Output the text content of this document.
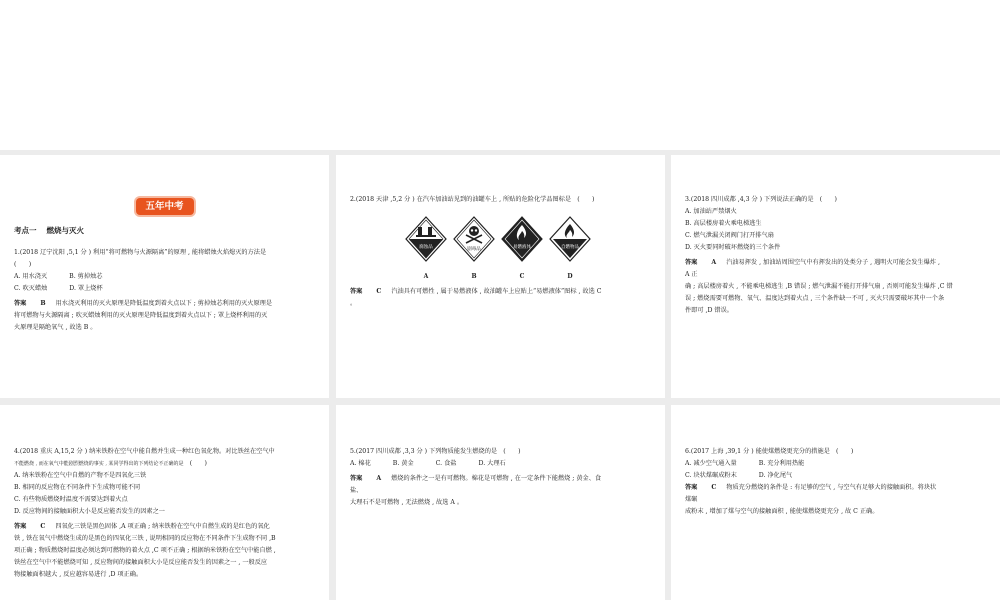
五年中考
考点一 燃烧与灭火

1.(2018 辽宁沈阳 ,5,1 分 ) 利用“将可燃物与火源隔离”的原理 , 能将蜡烛火焰熄灭的方法是

(　　)

A. 用水浇灭	B. 剪掉烛芯

C. 吹灭蜡烛	D. 罩上烧杯

答案 B 用水浇灭利用的灭火原理是降低温度到着火点以下 ; 剪掉烛芯利用的灭火原理是

将可燃物与火源隔离 ; 吹灭蜡烛利用的灭火原理是降低温度到着火点以下 ; 罩上烧杯利用的灭

火原理是隔绝氧气 , 故选 B 。

2.(2018 天津 ,5,2 分 ) 在汽车加油站见到的油罐车上 , 所贴的危险化学品图标是　(　　)

腐蚀品
A
剧毒品
B
易燃液体
C
自燃物品
D

答案 C 汽油具有可燃性 , 属于易燃液体 , 故油罐车上应贴上“易燃液体”图标 , 故选 C

。

3.(2018 四川成都 ,4,3 分 ) 下列说法正确的是　(　　)

A. 加油站严禁烟火

B. 高层楼房着火乘电梯逃生

C. 燃气泄漏关闭阀门打开排气扇

D. 灭火要同时破坏燃烧的三个条件

答案 A 汽油易挥发 , 加油站周围空气中有挥发出的处类分子 , 遇明火可能会发生爆炸 ,

A 正

确 ; 高层楼房着火 , 不能乘电梯逃生 ,B 错误 ; 燃气泄漏不能打开排气扇 , 否则可能发生爆炸 ,C 错

误 ; 燃烧需要可燃物、氧气、温度达到着火点 , 三个条件缺一不可 , 灭火只需要破坏其中一个条

件即可 ,D 错误。

4.(2018 重庆 A,15,2 分 ) 纳米铁粉在空气中能自燃并生成一种红色氧化物。对比铁丝在空气中

不能燃烧 , 而在氧气中能剧烈燃烧的事实 , 某同学得出的下列结论不正确的是　 (　　)

A. 纳米铁粉在空气中自燃的产物不是四氧化三铁

B. 相同的反应物在不同条件下生成物可能不同

C. 有些物质燃烧时温度不需要达到着火点

D. 反应物间的接触面积大小是反应能否发生的因素之一

答案 C 四氧化三铁是黑色固体 ,A 项正确 ; 纳米铁粉在空气中自燃生成的是红色的氧化

铁 , 铁在氧气中燃烧生成的是黑色的四氧化三铁 , 说明相同的反应物在不同条件下生成物不同 ,B

项正确 ; 物质燃烧时温度必须达到可燃物的着火点 ,C 项不正确 ; 根据纳米铁粉在空气中能自燃 ,

铁丝在空气中不能燃烧可知 , 反应物间的接触面积大小是反应能否发生的因素之一 , 一般反应

物接触面积越大 , 反应越容易进行 ,D 项正确。

5.(2017 四川成都 ,3,3 分 ) 下列物质能发生燃烧的是　(　　)

A. 棉花	B. 黄金	C. 食盐	D. 大理石

答案 A 燃烧的条件之一是有可燃物。棉花是可燃物 , 在一定条件下能燃烧 ; 黄金、食

盐、

大理石不是可燃物 , 无法燃烧 , 故选 A 。

6.(2017 上海 ,39,1 分 ) 能使煤燃烧更充分的措施是　(　　)

A. 减少空气通入量	B. 充分利用热能

C. 块状煤碾成粉末	D. 净化尾气

答案 C 物质充分燃烧的条件是 : 有足够的空气 , 与空气有足够大的接触面积。将块状

煤碾

成粉末 , 增加了煤与空气的接触面积 , 能使煤燃烧更充分 , 故 C 正确。
